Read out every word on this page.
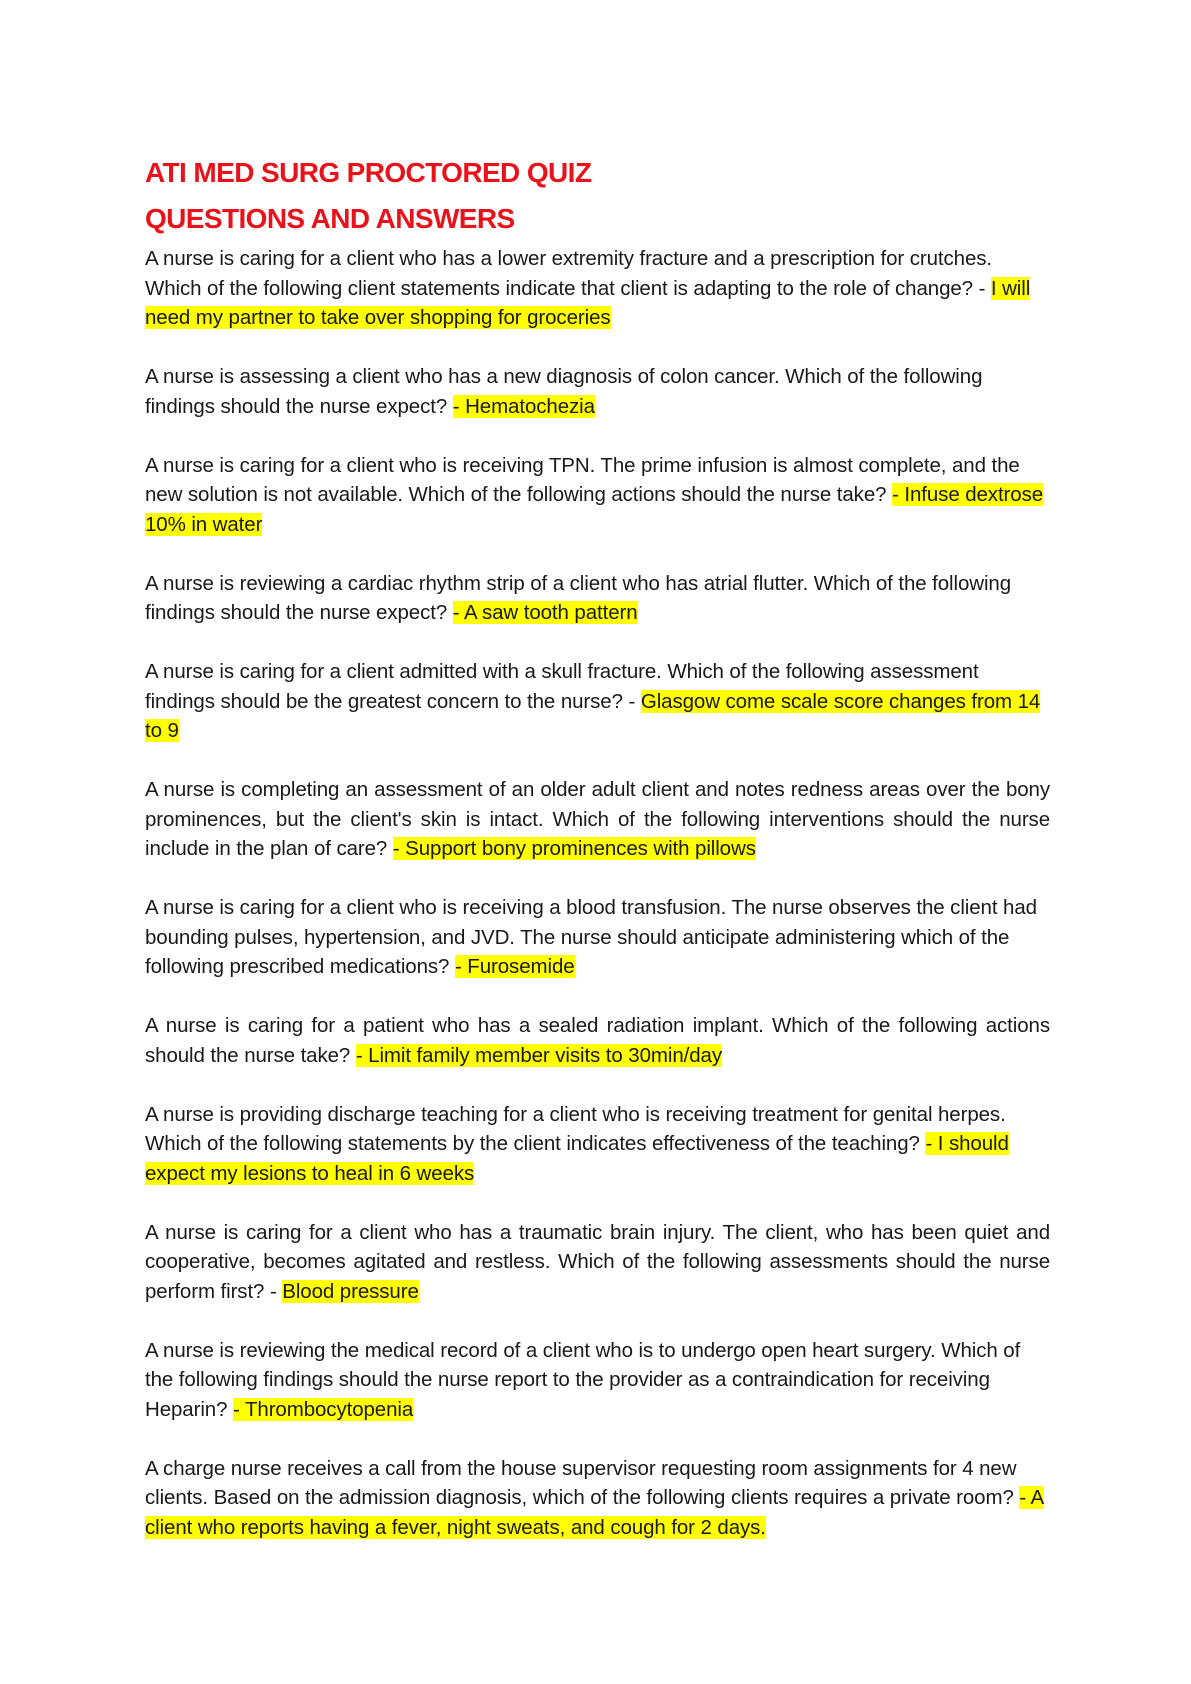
ATI MED SURG PROCTORED QUIZ
QUESTIONS AND ANSWERS

A nurse is caring for a client who has a lower extremity fracture and a prescription for crutches. Which of the following client statements indicate that client is adapting to the role of change? - I will need my partner to take over shopping for groceries

A nurse is assessing a client who has a new diagnosis of colon cancer. Which of the following findings should the nurse expect? - Hematochezia

A nurse is caring for a client who is receiving TPN. The prime infusion is almost complete, and the new solution is not available. Which of the following actions should the nurse take? - Infuse dextrose 10% in water

A nurse is reviewing a cardiac rhythm strip of a client who has atrial flutter. Which of the following findings should the nurse expect? - A saw tooth pattern

A nurse is caring for a client admitted with a skull fracture. Which of the following assessment findings should be the greatest concern to the nurse? - Glasgow come scale score changes from 14 to 9

A nurse is completing an assessment of an older adult client and notes redness areas over the bony prominences, but the client's skin is intact. Which of the following interventions should the nurse include in the plan of care? - Support bony prominences with pillows

A nurse is caring for a client who is receiving a blood transfusion. The nurse observes the client had bounding pulses, hypertension, and JVD. The nurse should anticipate administering which of the following prescribed medications? - Furosemide

A nurse is caring for a patient who has a sealed radiation implant. Which of the following actions should the nurse take? - Limit family member visits to 30min/day

A nurse is providing discharge teaching for a client who is receiving treatment for genital herpes. Which of the following statements by the client indicates effectiveness of the teaching? - I should expect my lesions to heal in 6 weeks

A nurse is caring for a client who has a traumatic brain injury. The client, who has been quiet and cooperative, becomes agitated and restless. Which of the following assessments should the nurse perform first? - Blood pressure

A nurse is reviewing the medical record of a client who is to undergo open heart surgery. Which of the following findings should the nurse report to the provider as a contraindication for receiving Heparin? - Thrombocytopenia

A charge nurse receives a call from the house supervisor requesting room assignments for 4 new clients. Based on the admission diagnosis, which of the following clients requires a private room? - A client who reports having a fever, night sweats, and cough for 2 days.
